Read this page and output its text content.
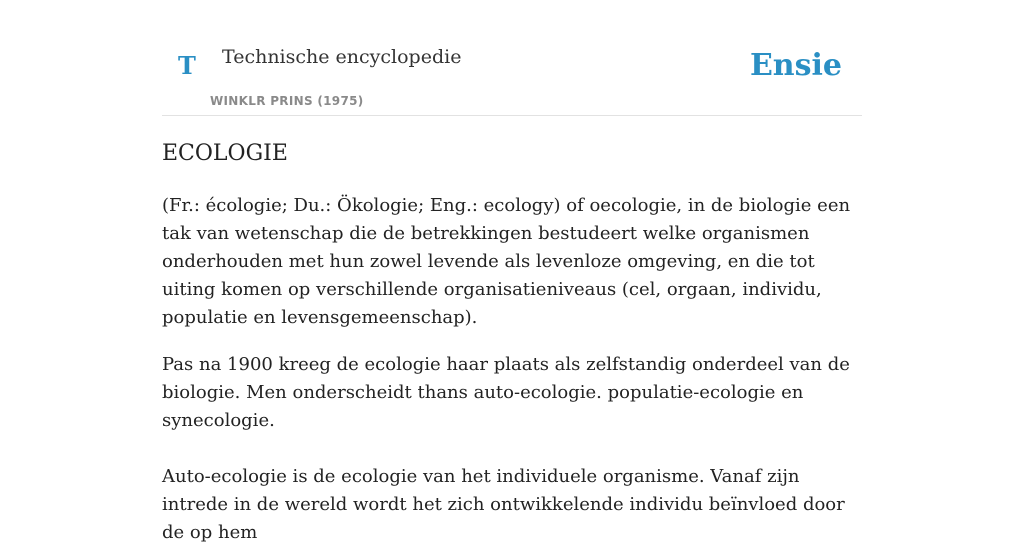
T Technische encyclopedie
WINKLR PRINS (1975)
Ensie
ECOLOGIE

(Fr.: écologie; Du.: Ökologie; Eng.: ecology) of oecologie, in de biologie een tak van wetenschap die de betrekkingen bestudeert welke organismen onderhouden met hun zowel levende als levenloze omgeving, en die tot uiting komen op verschillende organisatieniveaus (cel, orgaan, individu, populatie en levensgemeenschap).

Pas na 1900 kreeg de ecologie haar plaats als zelfstandig onderdeel van de biologie. Men onderscheidt thans auto-ecologie. populatie-ecologie en synecologie.

Auto-ecologie is de ecologie van het individuele organisme. Vanaf zijn intrede in de wereld wordt het zich ontwikkelende individu beïnvloed door de op hem
